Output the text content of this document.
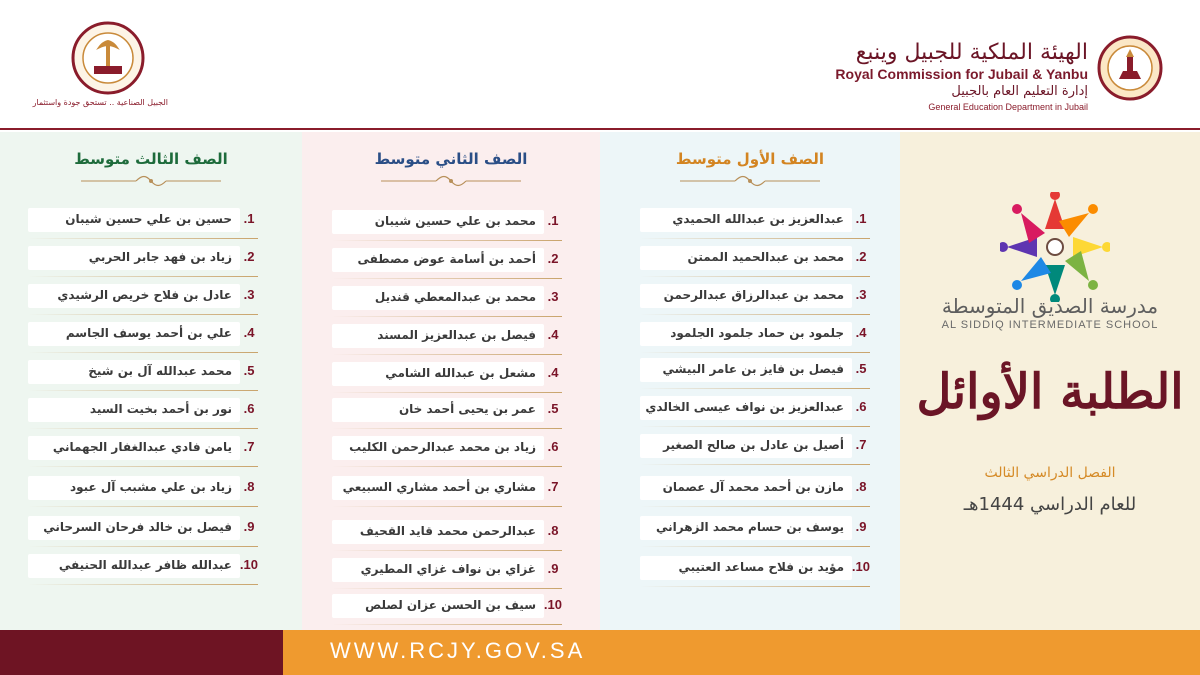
الهيئة الملكية للجبيل وينبع
Royal Commission for Jubail & Yanbu
إدارة التعليم العام بالجبيل
General Education Department in Jubail
الجبيل الصناعية .. تستحق جودة واستثمار
الصف الثالث متوسط
1.
حسين بن علي حسين شيبان
2.
زياد بن فهد جابر الحربي
3.
عادل بن فلاح خريص الرشيدي
4.
علي بن أحمد يوسف الجاسم
5.
محمد عبدالله آل بن شيخ
6.
نور بن أحمد بخيت السيد
7.
يامن فادي عبدالغفار الجهماني
8.
زياد بن علي مشبب آل عبود
9.
فيصل بن خالد فرحان السرحاني
10.
عبدالله ظافر عبدالله الحنيفي
الصف الثاني متوسط
1.
محمد بن علي حسين شيبان
2.
أحمد بن أسامة عوض مصطفى
3.
محمد بن عبدالمعطي قنديل
4.
فيصل بن عبدالعزيز المسند
4.
مشعل بن عبدالله الشامي
5.
عمر بن يحيى أحمد خان
6.
زياد بن محمد عبدالرحمن الكليب
7.
مشاري بن أحمد مشاري السبيعي
8.
عبدالرحمن محمد قايد القحيف
9.
غزاي بن نواف غزاي المطيري
10.
سيف بن الحسن عزان لصلص
الصف الأول متوسط
1.
عبدالعزيز بن عبدالله الحميدي
2.
محمد بن عبدالحميد الممتن
3.
محمد بن عبدالرزاق عبدالرحمن
4.
جلمود بن حماد جلمود الجلمود
5.
فيصل بن فايز بن عامر البيشي
6.
عبدالعزيز بن نواف عيسى الخالدي
7.
أصيل بن عادل بن صالح الصغير
8.
مازن بن أحمد محمد آل عصمان
9.
يوسف بن حسام محمد الزهراني
10.
مؤيد بن فلاح مساعد العتيبي
مدرسة الصديق المتوسطة
AL SIDDIQ INTERMEDIATE SCHOOL
الطلبة الأوائل
الفصل الدراسي الثالث
للعام الدراسي 1444هـ
WWW.RCJY.GOV.SA
